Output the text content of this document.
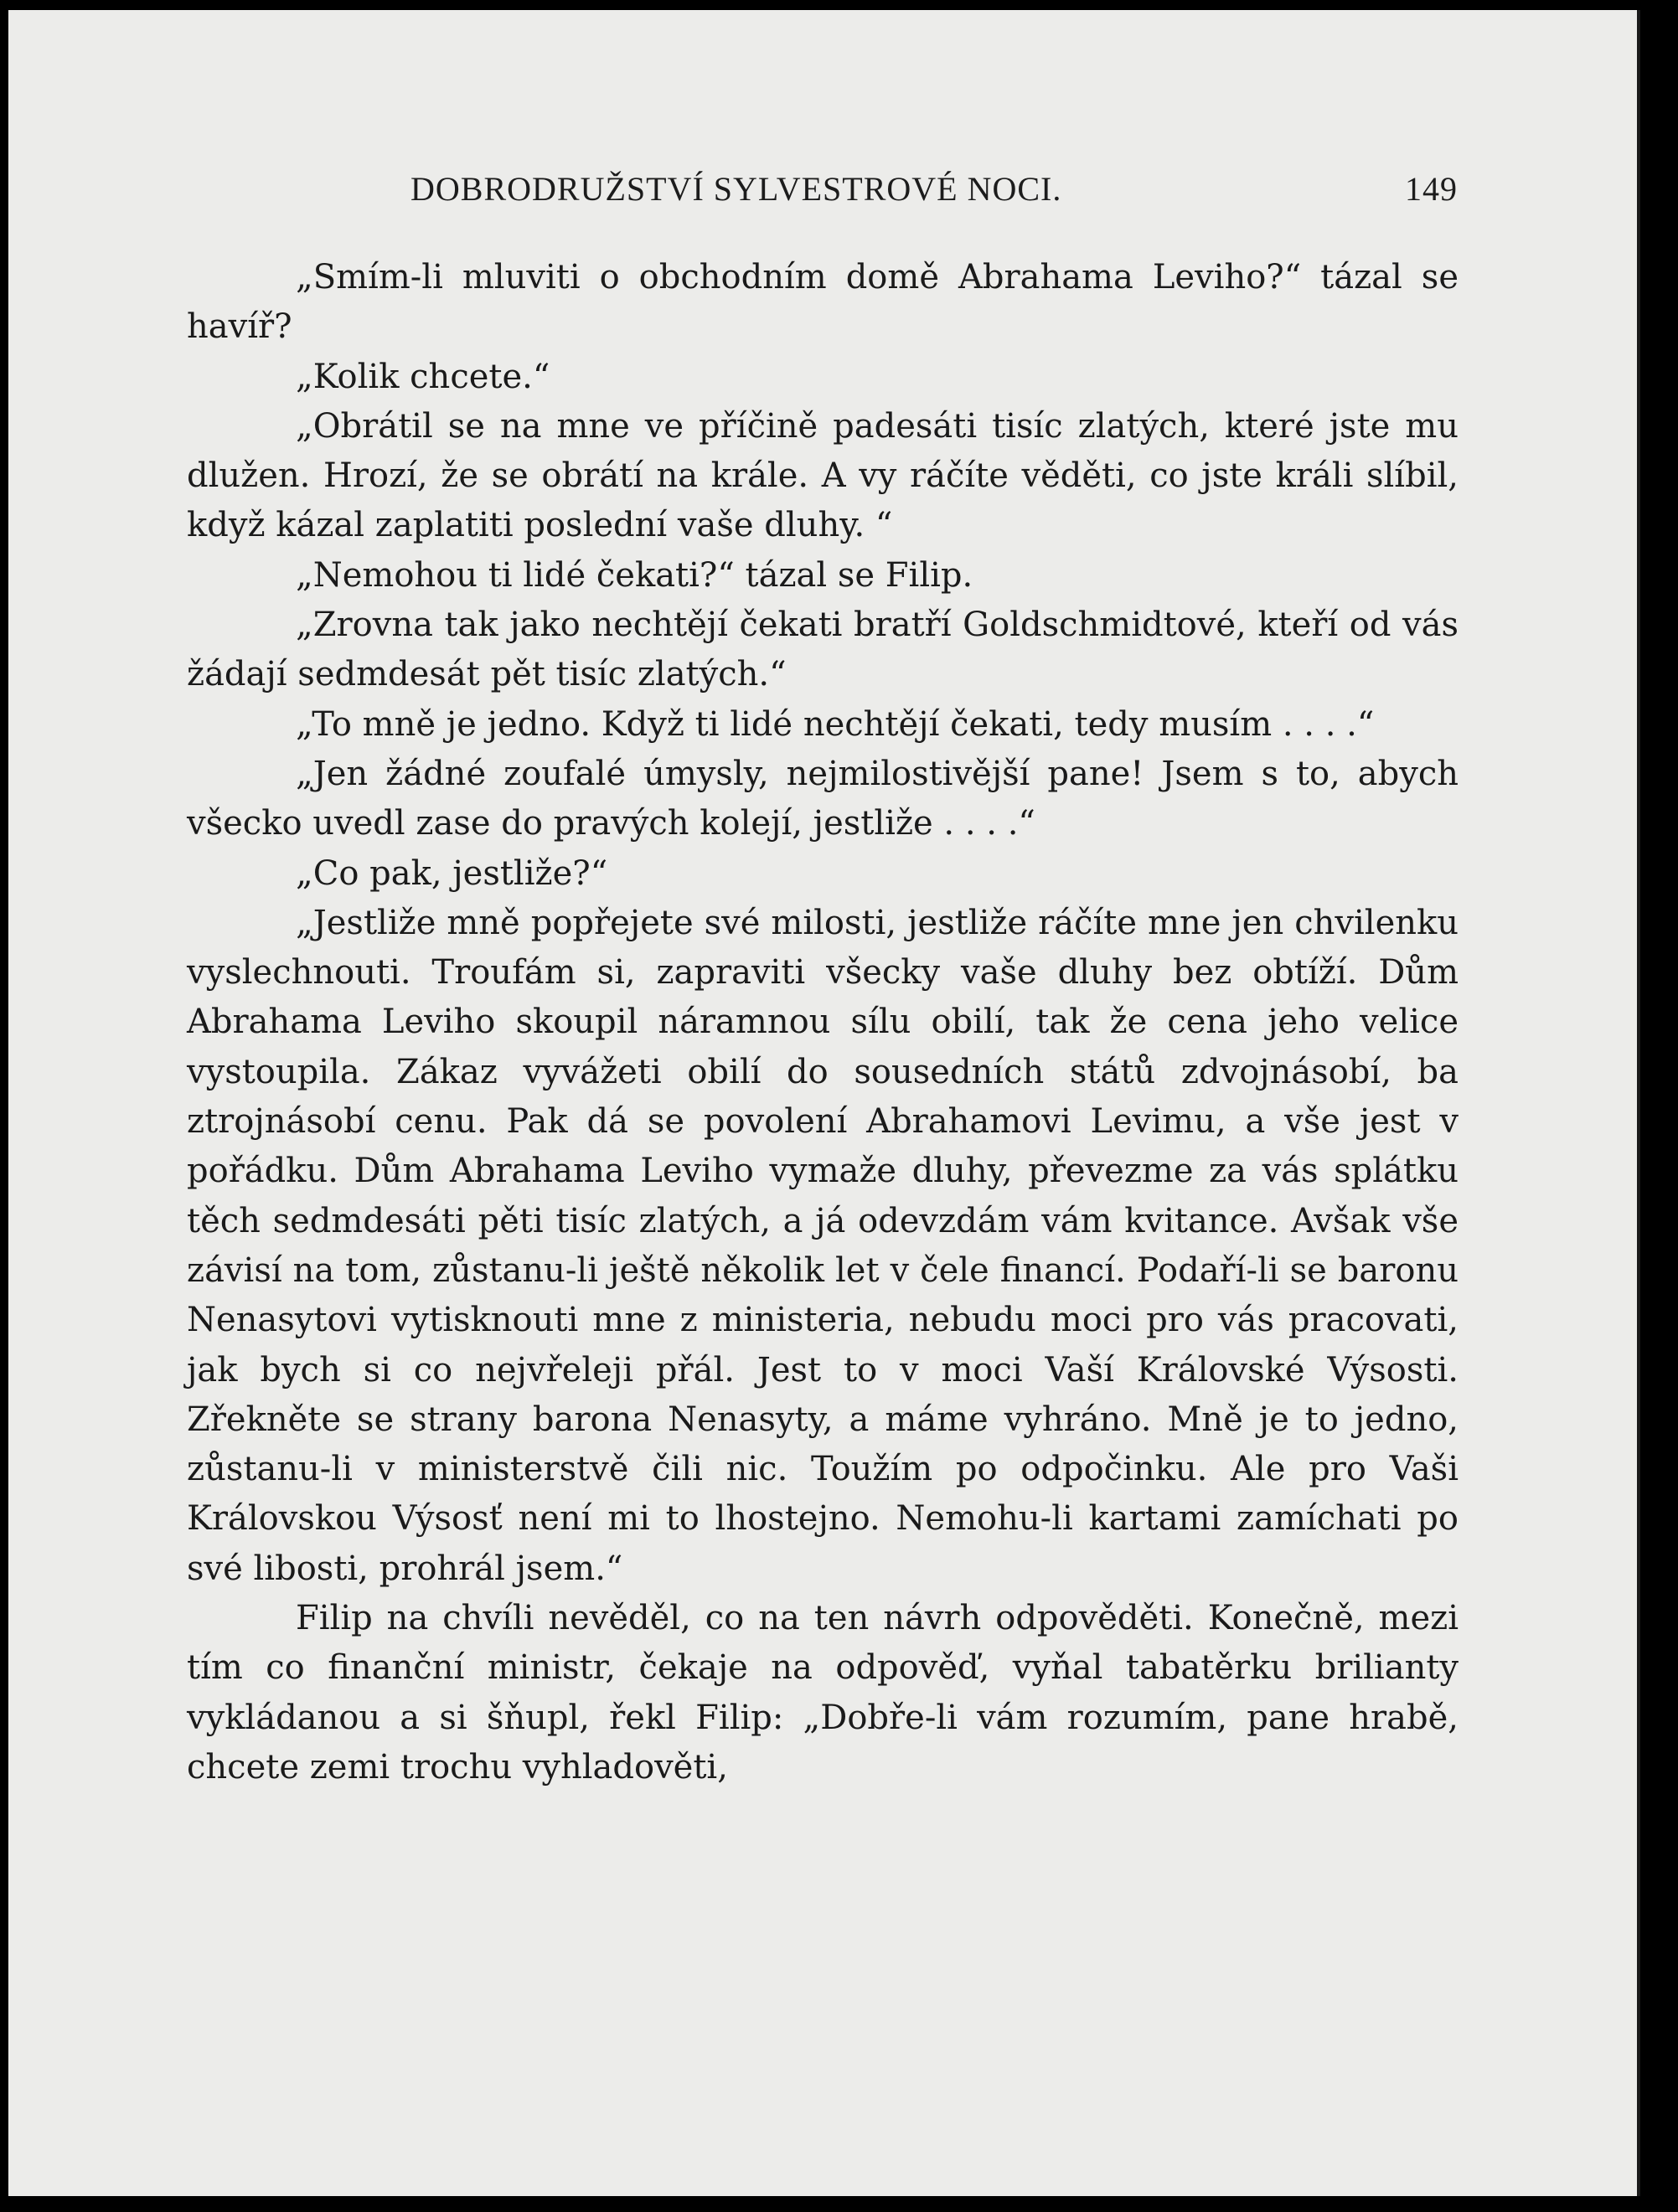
DOBRODRUŽSTVÍ SYLVESTROVÉ NOCI.	149

„Smím-li mluviti o obchodním domě Abrahama Leviho?“ tázal se havíř?

„Kolik chcete.“

„Obrátil se na mne ve příčině padesáti tisíc zlatých, které jste mu dlužen. Hrozí, že se obrátí na krále. A vy ráčíte věděti, co jste králi slíbil, když kázal zaplatiti poslední vaše dluhy. “

„Nemohou ti lidé čekati?“ tázal se Filip.

„Zrovna tak jako nechtějí čekati bratří Goldschmidtové, kteří od vás žádají sedmdesát pět tisíc zlatých.“

„To mně je jedno. Když ti lidé nechtějí čekati, tedy musím . . . .“

„Jen žádné zoufalé úmysly, nejmilostivější pane! Jsem s to, abych všecko uvedl zase do pravých kolejí, jestliže . . . .“

„Co pak, jestliže?“

„Jestliže mně popřejete své milosti, jestliže ráčíte mne jen chvilenku vyslechnouti. Troufám si, zapraviti všecky vaše dluhy bez obtíží. Dům Abrahama Leviho skoupil náramnou sílu obilí, tak že cena jeho velice vystoupila. Zákaz vyvážeti obilí do sousedních států zdvojnásobí, ba ztrojnásobí cenu. Pak dá se povolení Abrahamovi Levimu, a vše jest v pořádku. Dům Abrahama Leviho vymaže dluhy, převezme za vás splátku těch sedmdesáti pěti tisíc zlatých, a já odevzdám vám kvitance. Avšak vše závisí na tom, zůstanu-li ještě několik let v čele financí. Podaří-li se baronu Nenasytovi vytisknouti mne z ministeria, nebudu moci pro vás pracovati, jak bych si co nejvřeleji přál. Jest to v moci Vaší Královské Výsosti. Zřekněte se strany barona Nenasyty, a máme vyhráno. Mně je to jedno, zůstanu-li v ministerstvě čili nic. Toužím po odpočinku. Ale pro Vaši Královskou Výsosť není mi to lhostejno. Nemohu-li kartami zamíchati po své libosti, prohrál jsem.“

Filip na chvíli nevěděl, co na ten návrh odpověděti. Konečně, mezi tím co finanční ministr, čekaje na odpověď, vyňal tabatěrku brilianty vykládanou a si šňupl, řekl Filip: „Dobře-li vám rozumím, pane hrabě, chcete zemi trochu vyhladověti,
